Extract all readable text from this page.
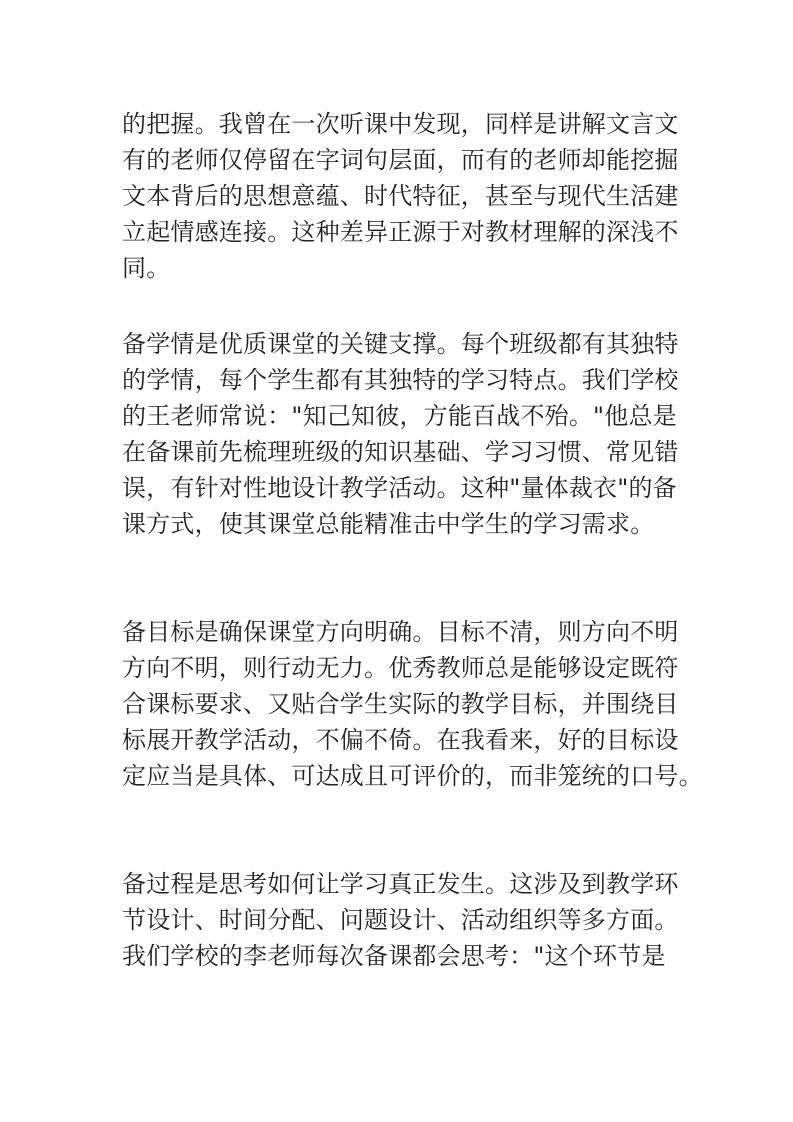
的把握。我曾在一次听课中发现，同样是讲解文言文
有的老师仅停留在字词句层面，而有的老师却能挖掘
文本背后的思想意蕴、时代特征，甚至与现代生活建
立起情感连接。这种差异正源于对教材理解的深浅不
同。

备学情是优质课堂的关键支撑。每个班级都有其独特
的学情，每个学生都有其独特的学习特点。我们学校
的王老师常说："知己知彼，方能百战不殆。"他总是
在备课前先梳理班级的知识基础、学习习惯、常见错
误，有针对性地设计教学活动。这种"量体裁衣"的备
课方式，使其课堂总能精准击中学生的学习需求。

备目标是确保课堂方向明确。目标不清，则方向不明
方向不明，则行动无力。优秀教师总是能够设定既符
合课标要求、又贴合学生实际的教学目标，并围绕目
标展开教学活动，不偏不倚。在我看来，好的目标设
定应当是具体、可达成且可评价的，而非笼统的口号。

备过程是思考如何让学习真正发生。这涉及到教学环
节设计、时间分配、问题设计、活动组织等多方面。
我们学校的李老师每次备课都会思考："这个环节是
